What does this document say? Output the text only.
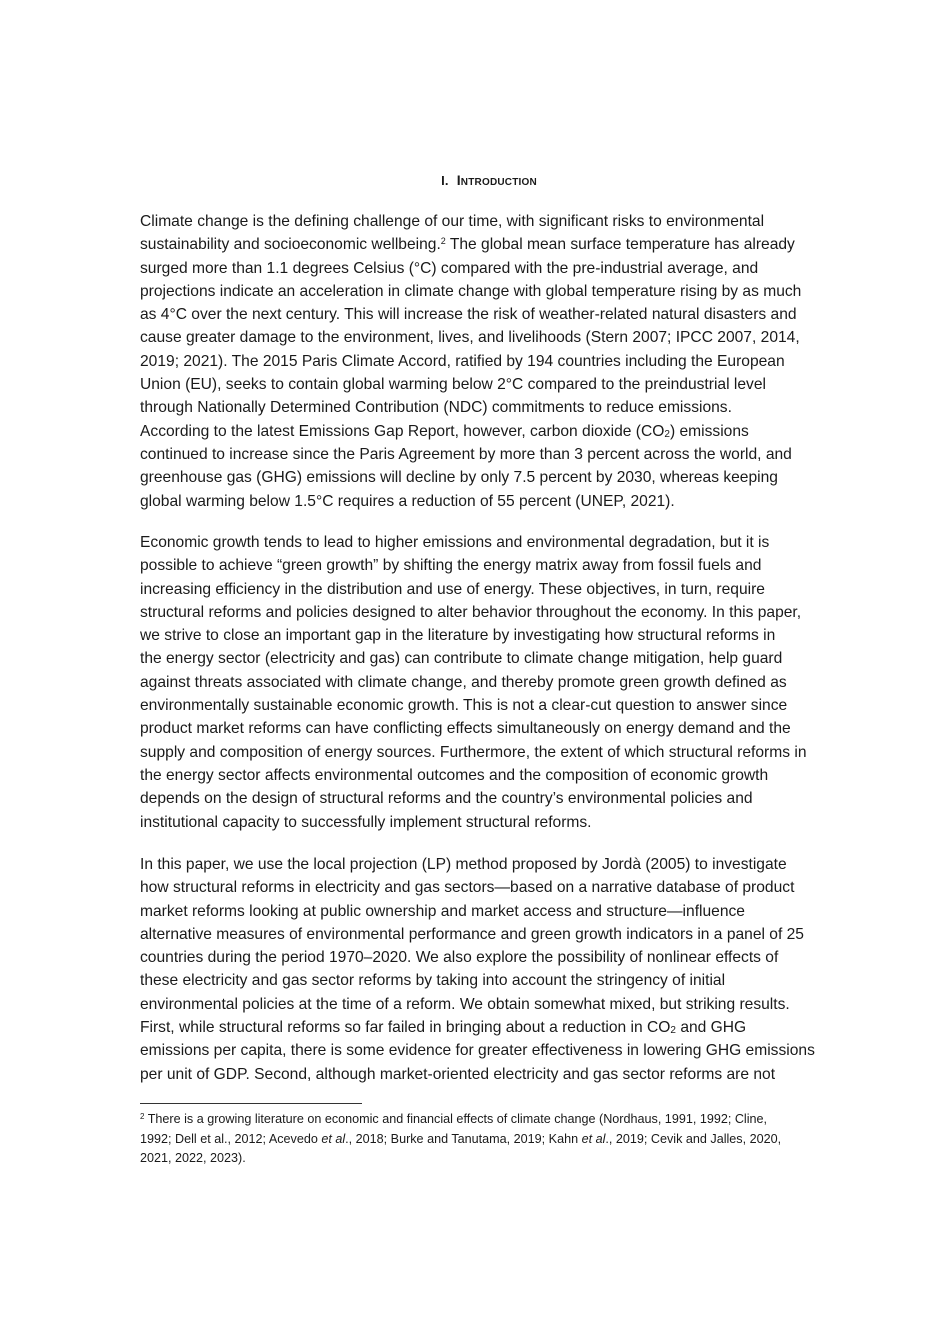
I. Introduction

Climate change is the defining challenge of our time, with significant risks to environmental
sustainability and socioeconomic wellbeing.$^2$ The global mean surface temperature has already
surged more than 1.1 degrees Celsius (°C) compared with the pre-industrial average, and
projections indicate an acceleration in climate change with global temperature rising by as much
as 4°C over the next century. This will increase the risk of weather-related natural disasters and
cause greater damage to the environment, lives, and livelihoods (Stern 2007; IPCC 2007, 2014,
2019; 2021). The 2015 Paris Climate Accord, ratified by 194 countries including the European
Union (EU), seeks to contain global warming below 2°C compared to the preindustrial level
through Nationally Determined Contribution (NDC) commitments to reduce emissions.
According to the latest Emissions Gap Report, however, carbon dioxide $(CO_2)$ emissions
continued to increase since the Paris Agreement by more than 3 percent across the world, and
greenhouse gas (GHG) emissions will decline by only 7.5 percent by 2030, whereas keeping
global warming below 1.5°C requires a reduction of 55 percent (UNEP, 2021).

Economic growth tends to lead to higher emissions and environmental degradation, but it is
possible to achieve “green growth” by shifting the energy matrix away from fossil fuels and
increasing efficiency in the distribution and use of energy. These objectives, in turn, require
structural reforms and policies designed to alter behavior throughout the economy. In this paper,
we strive to close an important gap in the literature by investigating how structural reforms in
the energy sector (electricity and gas) can contribute to climate change mitigation, help guard
against threats associated with climate change, and thereby promote green growth defined as
environmentally sustainable economic growth. This is not a clear-cut question to answer since
product market reforms can have conflicting effects simultaneously on energy demand and the
supply and composition of energy sources. Furthermore, the extent of which structural reforms in
the energy sector affects environmental outcomes and the composition of economic growth
depends on the design of structural reforms and the country’s environmental policies and
institutional capacity to successfully implement structural reforms.

In this paper, we use the local projection (LP) method proposed by Jordà (2005) to investigate
how structural reforms in electricity and gas sectors—based on a narrative database of product
market reforms looking at public ownership and market access and structure—influence
alternative measures of environmental performance and green growth indicators in a panel of 25
countries during the period 1970–2020. We also explore the possibility of nonlinear effects of
these electricity and gas sector reforms by taking into account the stringency of initial
environmental policies at the time of a reform. We obtain somewhat mixed, but striking results.
First, while structural reforms so far failed in bringing about a reduction in $CO_2$ and GHG
emissions per capita, there is some evidence for greater effectiveness in lowering GHG emissions
per unit of GDP. Second, although market-oriented electricity and gas sector reforms are not

$^2$ There is a growing literature on economic and financial effects of climate change (Nordhaus, 1991, 1992; Cline,
1992; Dell et al., 2012; Acevedo et al., 2018; Burke and Tanutama, 2019; Kahn et al., 2019; Cevik and Jalles, 2020,
2021, 2022, 2023).
